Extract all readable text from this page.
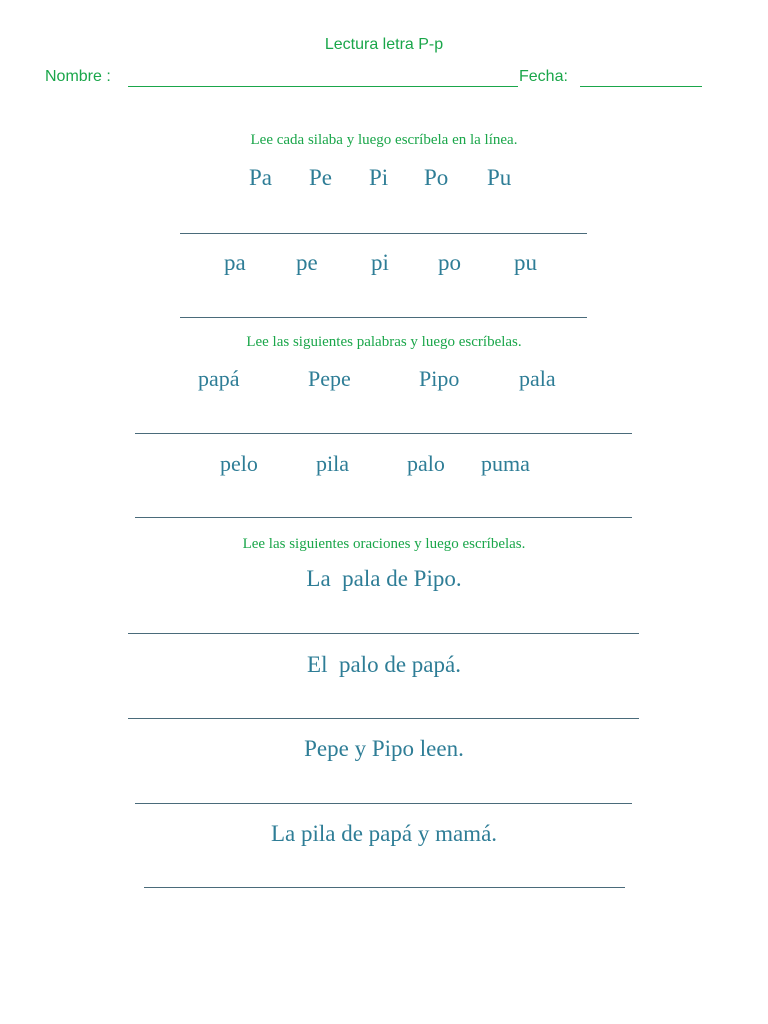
Lectura letra P-p
Nombre :	Fecha:
Lee cada silaba y luego escríbela en la línea.
Pa Pe Pi Po Pu
pa pe pi po pu
Lee las siguientes palabras y luego escríbelas.
papá	Pepe	Pipo	pala
pelo	pila	palo puma
Lee las siguientes oraciones y luego escríbelas.
La  pala de Pipo.
El  palo de papá.
Pepe y Pipo leen.
La pila de papá y mamá.
